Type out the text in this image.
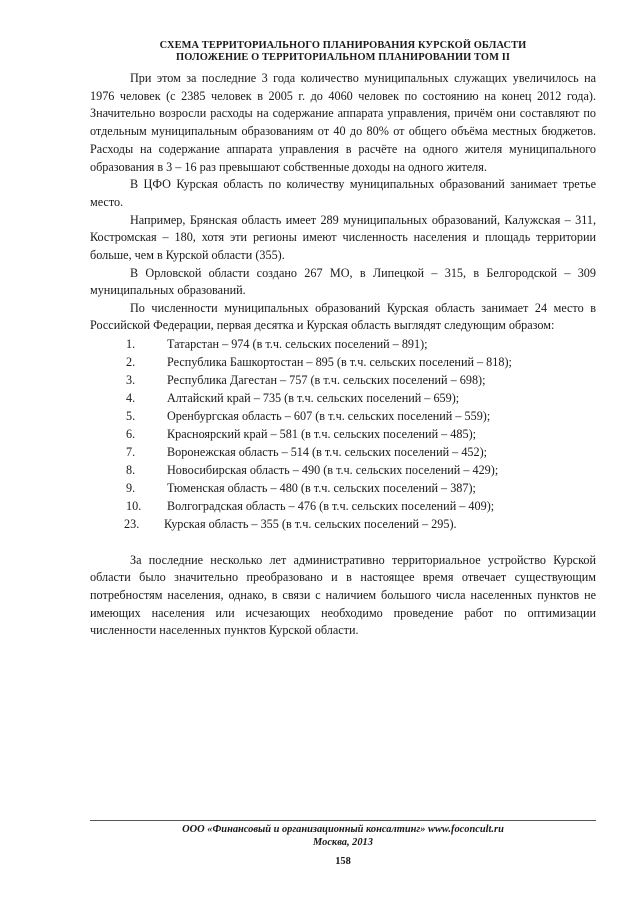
СХЕМА ТЕРРИТОРИАЛЬНОГО ПЛАНИРОВАНИЯ КУРСКОЙ ОБЛАСТИ
ПОЛОЖЕНИЕ О ТЕРРИТОРИАЛЬНОМ ПЛАНИРОВАНИИ ТОМ II

При этом за последние 3 года количество муниципальных служащих увеличилось на 1976 человек (с 2385 человек в 2005 г. до 4060 человек по состоянию на конец 2012 года). Значительно возросли расходы на содержание аппарата управления, причём они составляют по отдельным муниципальным образованиям от 40 до 80% от общего объёма местных бюджетов. Расходы на содержание аппарата управления в расчёте на одного жителя муниципального образования в 3 – 16 раз превышают собственные доходы на одного жителя.

В ЦФО Курская область по количеству муниципальных образований занимает третье место.

Например, Брянская область имеет 289 муниципальных образований, Калужская – 311, Костромская – 180, хотя эти регионы имеют численность населения и площадь территории больше, чем в Курской области (355).

В Орловской области создано 267 МО, в Липецкой – 315, в Белгородской – 309 муниципальных образований.

По численности муниципальных образований Курская область занимает 24 место в Российской Федерации, первая десятка и Курская область выглядят следующим образом:

1.	Татарстан – 974 (в т.ч. сельских поселений – 891);
2.	Республика Башкортостан – 895 (в т.ч. сельских поселений – 818);
3.	Республика Дагестан – 757 (в т.ч. сельских поселений – 698);
4.	Алтайский край – 735 (в т.ч. сельских поселений – 659);
5.	Оренбургская область – 607 (в т.ч. сельских поселений – 559);
6.	Красноярский край – 581 (в т.ч. сельских поселений – 485);
7.	Воронежская область – 514 (в т.ч. сельских поселений – 452);
8.	Новосибирская область – 490 (в т.ч. сельских поселений – 429);
9.	Тюменская область – 480 (в т.ч. сельских поселений – 387);
10.	Волгоградская область – 476 (в т.ч. сельских поселений – 409);
23.	Курская область – 355 (в т.ч. сельских поселений – 295).

За последние несколько лет административно территориальное устройство Курской области было значительно преобразовано и в настоящее время отвечает существующим потребностям населения, однако, в связи с наличием большого числа населенных пунктов не имеющих населения или исчезающих необходимо проведение работ по оптимизации численности населенных пунктов Курской области.

ООО «Финансовый и организационный консалтинг» www.foconcult.ru
Москва, 2013
158
